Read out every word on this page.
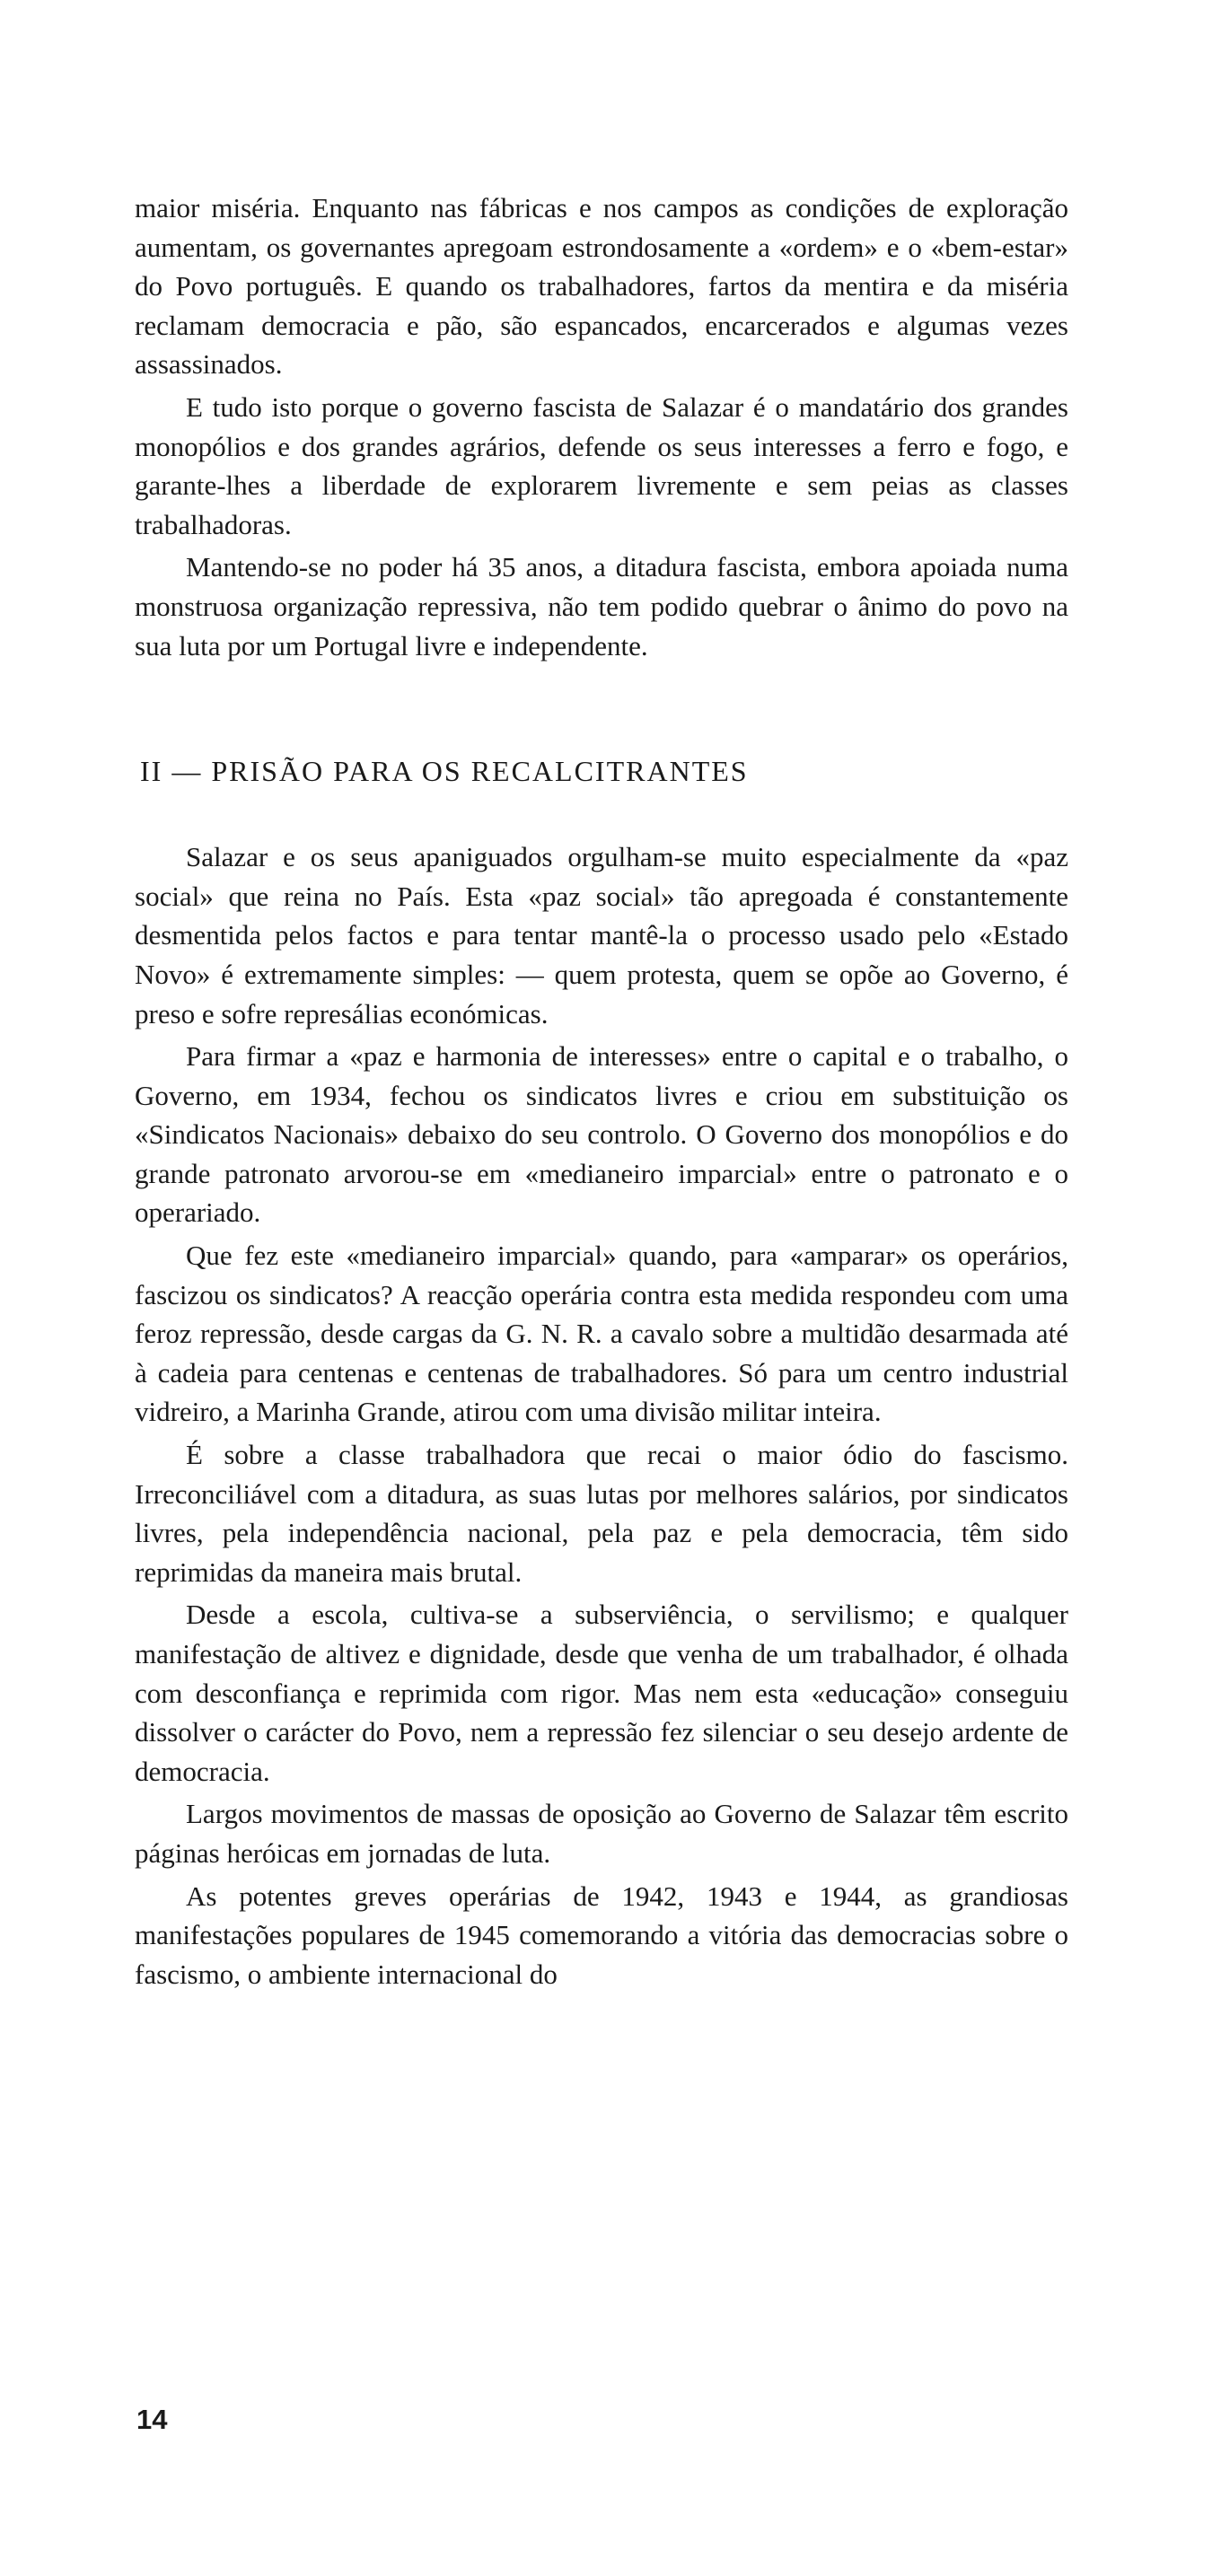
maior miséria. Enquanto nas fábricas e nos campos as condições de exploração aumentam, os governantes apregoam estrondosamente a «ordem» e o «bem-estar» do Povo português. E quando os trabalhadores, fartos da mentira e da miséria reclamam democracia e pão, são espancados, encarcerados e algumas vezes assassinados.

E tudo isto porque o governo fascista de Salazar é o mandatário dos grandes monopólios e dos grandes agrários, defende os seus interesses a ferro e fogo, e garante-lhes a liberdade de explorarem livremente e sem peias as classes trabalhadoras.

Mantendo-se no poder há 35 anos, a ditadura fascista, embora apoiada numa monstruosa organização repressiva, não tem podido quebrar o ânimo do povo na sua luta por um Portugal livre e independente.

II — PRISÃO PARA OS RECALCITRANTES

Salazar e os seus apaniguados orgulham-se muito especialmente da «paz social» que reina no País. Esta «paz social» tão apregoada é constantemente desmentida pelos factos e para tentar mantê-la o processo usado pelo «Estado Novo» é extremamente simples: — quem protesta, quem se opõe ao Governo, é preso e sofre represálias económicas.

Para firmar a «paz e harmonia de interesses» entre o capital e o trabalho, o Governo, em 1934, fechou os sindicatos livres e criou em substituição os «Sindicatos Nacionais» debaixo do seu controlo. O Governo dos monopólios e do grande patronato arvorou-se em «medianeiro imparcial» entre o patronato e o operariado.

Que fez este «medianeiro imparcial» quando, para «amparar» os operários, fascizou os sindicatos? A reacção operária contra esta medida respondeu com uma feroz repressão, desde cargas da G. N. R. a cavalo sobre a multidão desarmada até à cadeia para centenas e centenas de trabalhadores. Só para um centro industrial vidreiro, a Marinha Grande, atirou com uma divisão militar inteira.

É sobre a classe trabalhadora que recai o maior ódio do fascismo. Irreconciliável com a ditadura, as suas lutas por melhores salários, por sindicatos livres, pela independência nacional, pela paz e pela democracia, têm sido reprimidas da maneira mais brutal.

Desde a escola, cultiva-se a subserviência, o servilismo; e qualquer manifestação de altivez e dignidade, desde que venha de um trabalhador, é olhada com desconfiança e reprimida com rigor. Mas nem esta «educação» conseguiu dissolver o carácter do Povo, nem a repressão fez silenciar o seu desejo ardente de democracia.

Largos movimentos de massas de oposição ao Governo de Salazar têm escrito páginas heróicas em jornadas de luta.

As potentes greves operárias de 1942, 1943 e 1944, as grandiosas manifestações populares de 1945 comemorando a vitória das democracias sobre o fascismo, o ambiente internacional do

14
